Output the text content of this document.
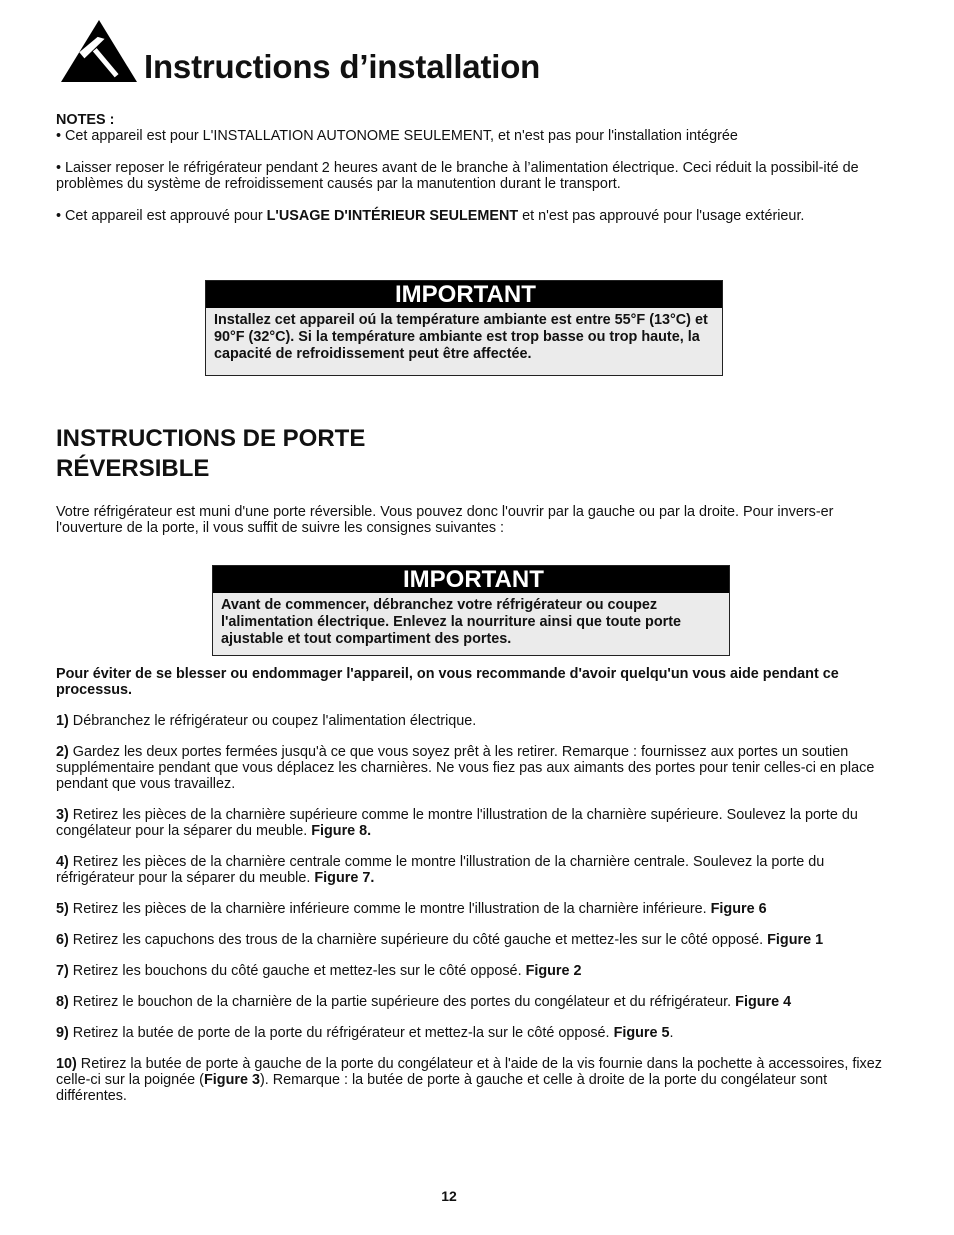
Instructions d’installation

NOTES :

• Cet appareil est pour L'INSTALLATION AUTONOME SEULEMENT, et n'est pas pour l'installation intégrée

• Laisser reposer le réfrigérateur pendant 2 heures avant de le branche à l’alimentation électrique. Ceci réduit la possibil-ité de problèmes du système de refroidissement causés par la manutention durant le transport.

• Cet appareil est approuvé pour L'USAGE D'INTÉRIEUR SEULEMENT et n'est pas approuvé pour l'usage extérieur.

IMPORTANT
Installez cet appareil oú la température ambiante est entre 55°F (13°C) et 90°F (32°C). Si la température ambiante est trop basse ou trop haute, la capacité de refroidissement peut être affectée.
INSTRUCTIONS DE PORTE
RÉVERSIBLE
Votre réfrigérateur est muni d'une porte réversible. Vous pouvez donc l'ouvrir par la gauche ou par la droite. Pour invers-er l'ouverture de la porte, il vous suffit de suivre les consignes suivantes :
IMPORTANT
Avant de commencer, débranchez votre réfrigérateur ou coupez l'alimentation électrique. Enlevez la nourriture ainsi que toute porte ajustable et tout compartiment des portes.

Pour éviter de se blesser ou endommager l'appareil, on vous recommande d'avoir quelqu'un vous aide pendant ce processus.

1) Débranchez le réfrigérateur ou coupez l'alimentation électrique.

2) Gardez les deux portes fermées jusqu'à ce que vous soyez prêt à les retirer. Remarque : fournissez aux portes un soutien supplémentaire pendant que vous déplacez les charnières. Ne vous fiez pas aux aimants des portes pour tenir celles-ci en place pendant que vous travaillez.

3) Retirez les pièces de la charnière supérieure comme le montre l'illustration de la charnière supérieure. Soulevez la porte du congélateur pour la séparer du meuble. Figure 8.

4) Retirez les pièces de la charnière centrale comme le montre l'illustration de la charnière centrale. Soulevez la porte du réfrigérateur pour la séparer du meuble. Figure 7.

5) Retirez les pièces de la charnière inférieure comme le montre l'illustration de la charnière inférieure. Figure 6

6) Retirez les capuchons des trous de la charnière supérieure du côté gauche et mettez-les sur le côté opposé. Figure 1

7) Retirez les bouchons du côté gauche et mettez-les sur le côté opposé. Figure 2

8) Retirez le bouchon de la charnière de la partie supérieure des portes du congélateur et du réfrigérateur. Figure 4

9) Retirez la butée de porte de la porte du réfrigérateur et mettez-la sur le côté opposé. Figure 5.

10) Retirez la butée de porte à gauche de la porte du congélateur et à l'aide de la vis fournie dans la pochette à accessoires, fixez celle-ci sur la poignée (Figure 3). Remarque : la butée de porte à gauche et celle à droite de la porte du congélateur sont différentes.

12
